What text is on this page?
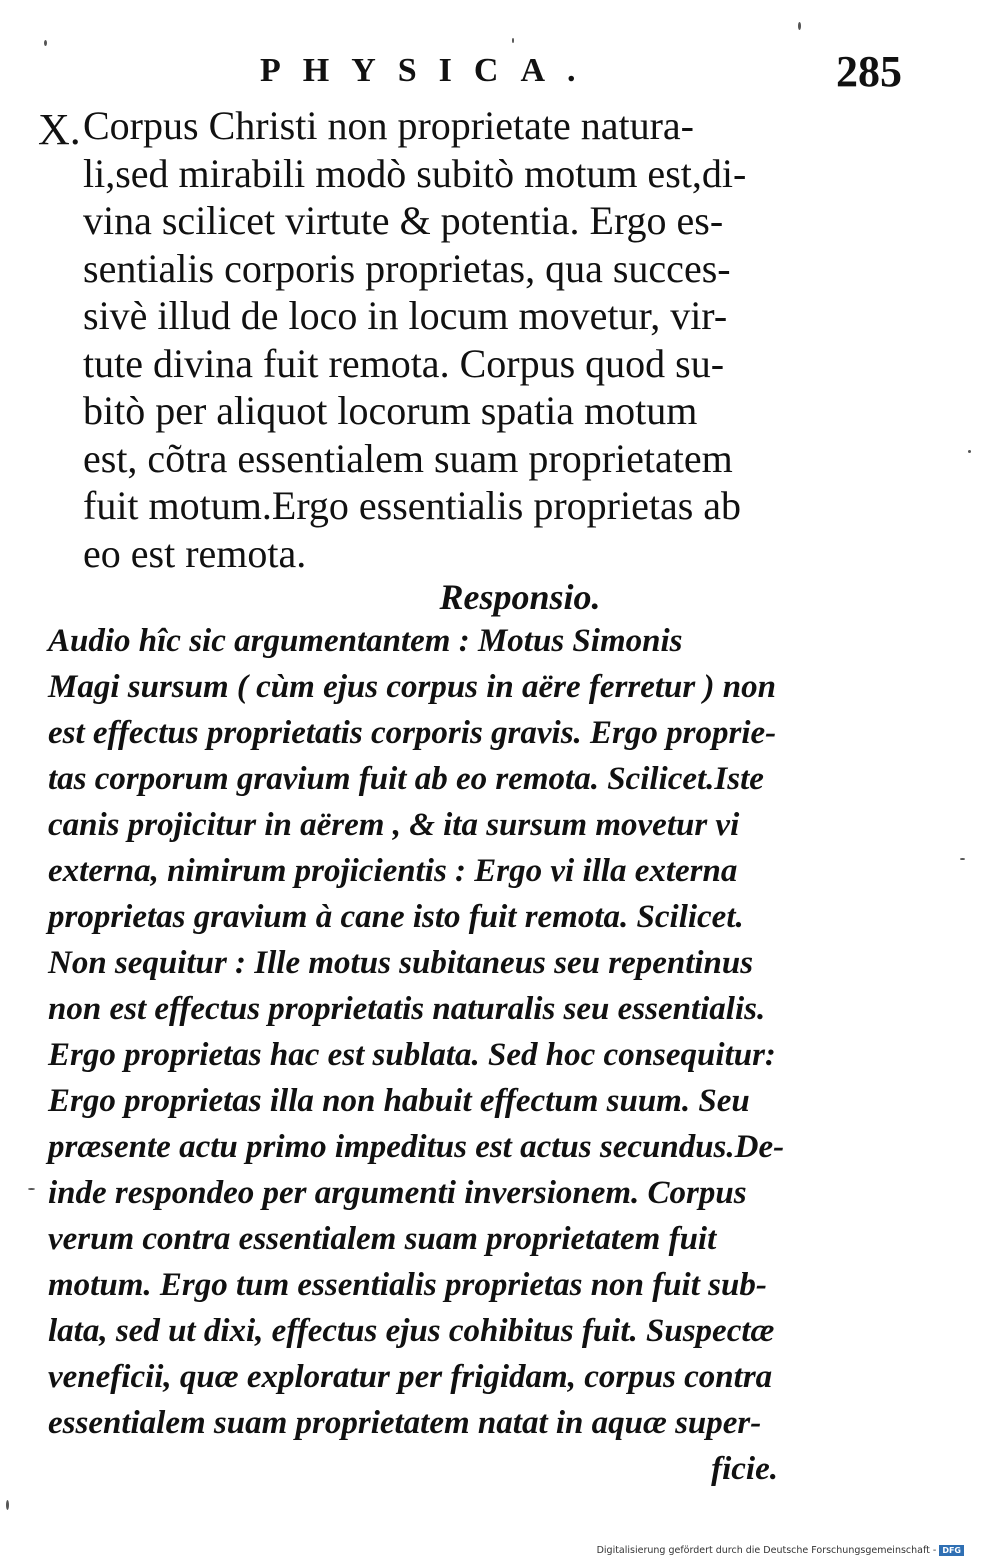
PHYSICA.	285
X. Corpus Christi non proprietate natura-
li,sed mirabili modò subitò motum est,di-
vina scilicet virtute & potentia. Ergo es-
sentialis corporis proprietas, qua succes-
sivè illud de loco in locum movetur, vir-
tute divina fuit remota. Corpus quod su-
bitò per aliquot locorum spatia motum
est, cõtra essentialem suam proprietatem
fuit motum.Ergo essentialis proprietas ab
eo est remota.
Responsio.
Audio hîc sic argumentantem : Motus Simonis
Magi sursum ( cùm ejus corpus in aëre ferretur ) non
est effectus proprietatis corporis gravis. Ergo proprie-
tas corporum gravium fuit ab eo remota. Scilicet.Iste
canis projicitur in aërem , & ita sursum movetur vi
externa, nimirum projicientis : Ergo vi illa externa
proprietas gravium à cane isto fuit remota. Scilicet.
Non sequitur : Ille motus subitaneus seu repentinus
non est effectus proprietatis naturalis seu essentialis.
Ergo proprietas hac est sublata. Sed hoc consequitur:
Ergo proprietas illa non habuit effectum suum. Seu
præsente actu primo impeditus est actus secundus.De-
inde respondeo per argumenti inversionem. Corpus
verum contra essentialem suam proprietatem fuit
motum. Ergo tum essentialis proprietas non fuit sub-
lata, sed ut dixi, effectus ejus cohibitus fuit. Suspectæ
veneficii, quæ exploratur per frigidam, corpus contra
essentialem suam proprietatem natat in aquæ super-
ficie.
Digitalisierung gefördert durch die Deutsche Forschungsgemeinschaft - DFG
